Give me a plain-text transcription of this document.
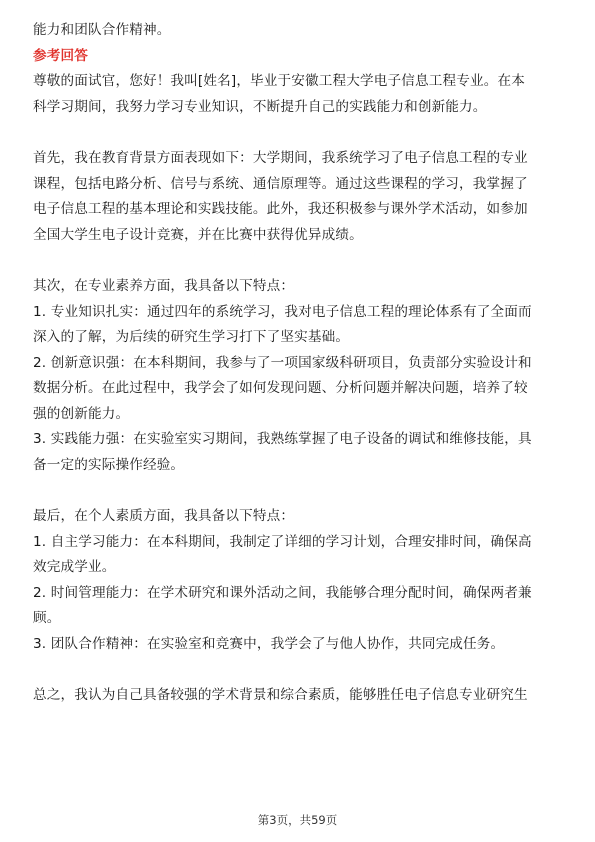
能力和团队合作精神。
参考回答
尊敬的面试官，您好！我叫[姓名]，毕业于安徽工程大学电子信息工程专业。在本
科学习期间，我努力学习专业知识，不断提升自己的实践能力和创新能力。
首先，我在教育背景方面表现如下：大学期间，我系统学习了电子信息工程的专业
课程，包括电路分析、信号与系统、通信原理等。通过这些课程的学习，我掌握了
电子信息工程的基本理论和实践技能。此外，我还积极参与课外学术活动，如参加
全国大学生电子设计竞赛，并在比赛中获得优异成绩。
其次，在专业素养方面，我具备以下特点：
1. 专业知识扎实：通过四年的系统学习，我对电子信息工程的理论体系有了全面而
深入的了解，为后续的研究生学习打下了坚实基础。
2. 创新意识强：在本科期间，我参与了一项国家级科研项目，负责部分实验设计和
数据分析。在此过程中，我学会了如何发现问题、分析问题并解决问题，培养了较
强的创新能力。
3. 实践能力强：在实验室实习期间，我熟练掌握了电子设备的调试和维修技能，具
备一定的实际操作经验。
最后，在个人素质方面，我具备以下特点：
1. 自主学习能力：在本科期间，我制定了详细的学习计划，合理安排时间，确保高
效完成学业。
2. 时间管理能力：在学术研究和课外活动之间，我能够合理分配时间，确保两者兼
顾。
3. 团队合作精神：在实验室和竞赛中，我学会了与他人协作，共同完成任务。
总之，我认为自己具备较强的学术背景和综合素质，能够胜任电子信息专业研究生
第3页，共59页
